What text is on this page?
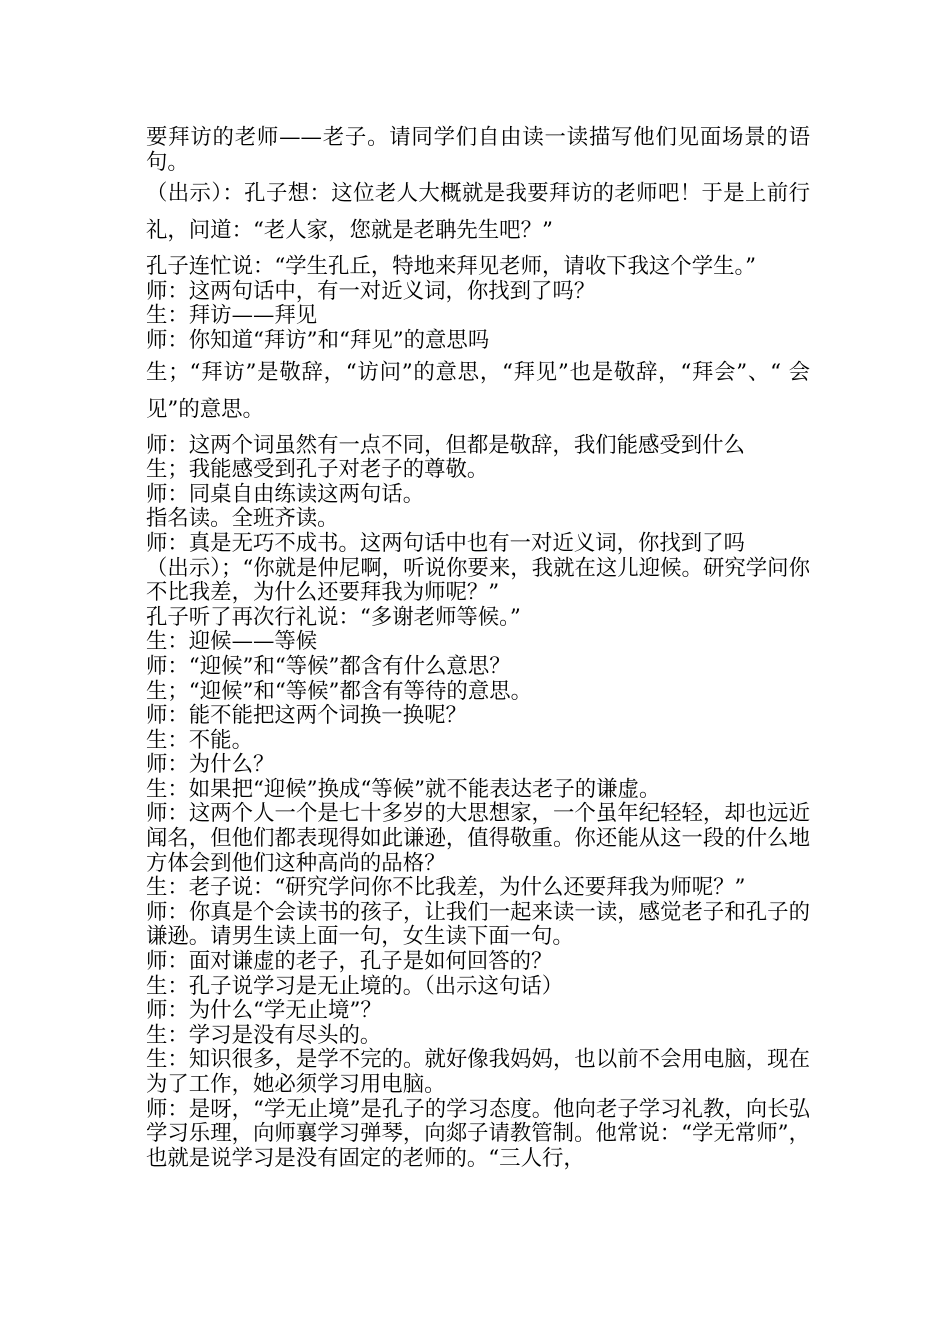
要拜访的老师——老子。请同学们自由读一读描写他们见面场景的语句。

（出示）：孔子想：这位老人大概就是我要拜访的老师吧！于是上前行礼，问道：“老人家，您就是老聃先生吧？”

孔子连忙说：“学生孔丘，特地来拜见老师，请收下我这个学生。”

师：这两句话中，有一对近义词，你找到了吗？

生：拜访——拜见

师：你知道“拜访”和“拜见”的意思吗

生；“拜访”是敬辞，“访问”的意思，“拜见”也是敬辞，“拜会”、“ 会见”的意思。

师：这两个词虽然有一点不同，但都是敬辞，我们能感受到什么

生；我能感受到孔子对老子的尊敬。

师：同桌自由练读这两句话。

指名读。全班齐读。

师：真是无巧不成书。这两句话中也有一对近义词，你找到了吗

（出示）；“你就是仲尼啊，听说你要来，我就在这儿迎候。研究学问你不比我差，为什么还要拜我为师呢？”

孔子听了再次行礼说：“多谢老师等候。”

生：迎候——等候

师：“迎候”和“等候”都含有什么意思？

生；“迎候”和“等候”都含有等待的意思。

师：能不能把这两个词换一换呢？

生：不能。

师：为什么？

生：如果把“迎候”换成“等候”就不能表达老子的谦虚。

师：这两个人一个是七十多岁的大思想家，一个虽年纪轻轻，却也远近闻名，但他们都表现得如此谦逊，值得敬重。你还能从这一段的什么地方体会到他们这种高尚的品格？

生：老子说：“研究学问你不比我差，为什么还要拜我为师呢？”

师：你真是个会读书的孩子，让我们一起来读一读，感觉老子和孔子的谦逊。请男生读上面一句，女生读下面一句。

师：面对谦虚的老子，孔子是如何回答的？

生：孔子说学习是无止境的。（出示这句话）

师：为什么“学无止境”？

生：学习是没有尽头的。

生：知识很多，是学不完的。就好像我妈妈，也以前不会用电脑，现在为了工作，她必须学习用电脑。

师：是呀，“学无止境”是孔子的学习态度。他向老子学习礼教，向长弘学习乐理，向师襄学习弹琴，向郯子请教管制。他常说：“学无常师”，也就是说学习是没有固定的老师的。“三人行，
